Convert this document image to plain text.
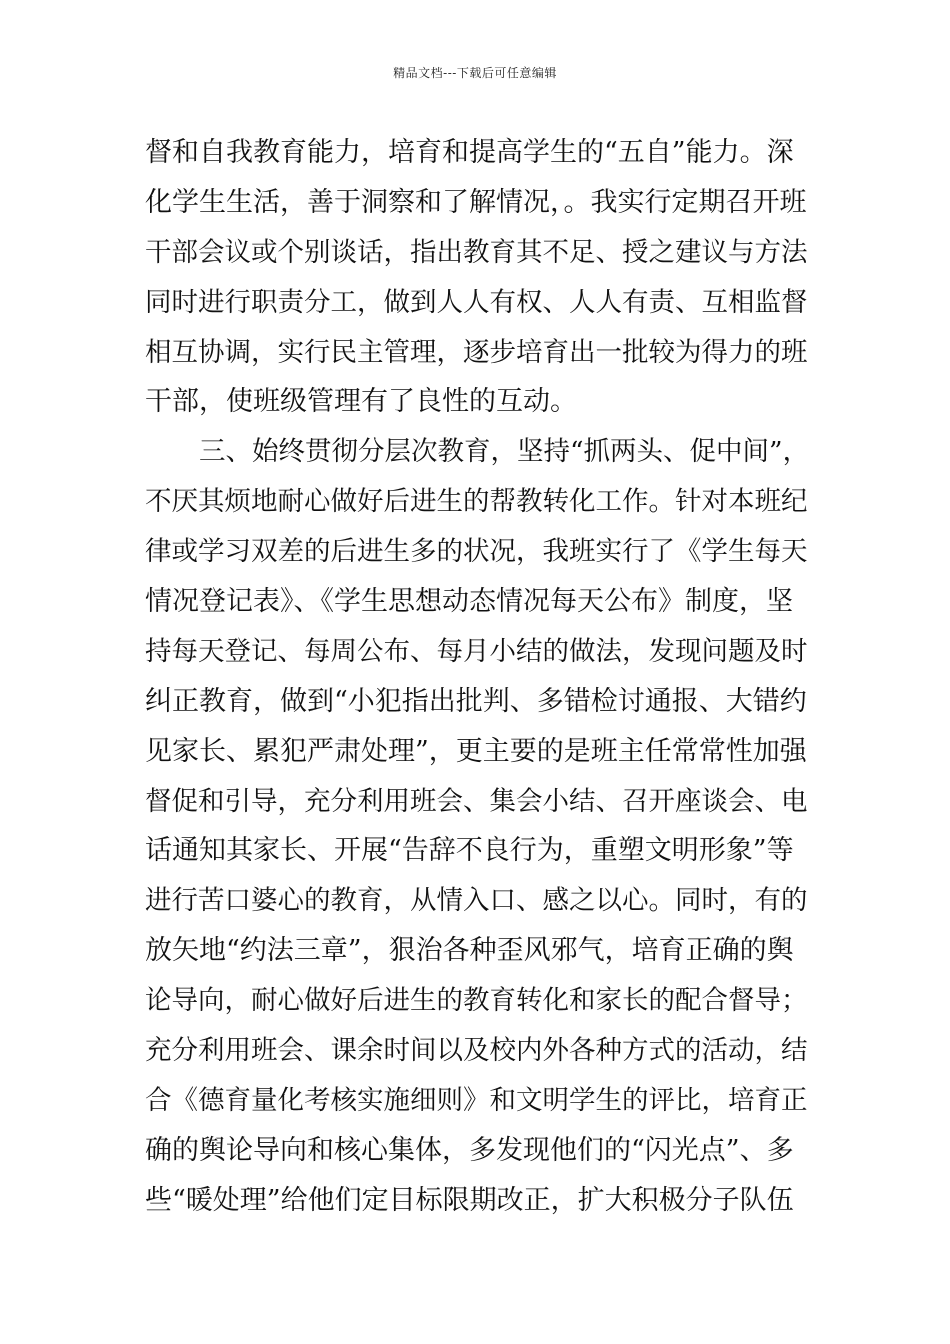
精品文档---下载后可任意编辑
督和自我教育能力，培育和提高学生的“五自”能力。深
化学生生活，善于洞察和了解情况，。我实行定期召开班
干部会议或个别谈话，指出教育其不足、授之建议与方法
同时进行职责分工，做到人人有权、人人有责、互相监督
相互协调，实行民主管理，逐步培育出一批较为得力的班
干部，使班级管理有了良性的互动。
三、始终贯彻分层次教育，坚持“抓两头、促中间”，
不厌其烦地耐心做好后进生的帮教转化工作。针对本班纪
律或学习双差的后进生多的状况，我班实行了《学生每天
情况登记表》、《学生思想动态情况每天公布》制度，坚
持每天登记、每周公布、每月小结的做法，发现问题及时
纠正教育，做到“小犯指出批判、多错检讨通报、大错约
见家长、累犯严肃处理”，更主要的是班主任常常性加强
督促和引导，充分利用班会、集会小结、召开座谈会、电
话通知其家长、开展“告辞不良行为，重塑文明形象”等
进行苦口婆心的教育，从情入口、感之以心。同时，有的
放矢地“约法三章”，狠治各种歪风邪气，培育正确的舆
论导向，耐心做好后进生的教育转化和家长的配合督导；
充分利用班会、课余时间以及校内外各种方式的活动，结
合《德育量化考核实施细则》和文明学生的评比，培育正
确的舆论导向和核心集体，多发现他们的“闪光点”、多
些“暖处理”给他们定目标限期改正，扩大积极分子队伍
